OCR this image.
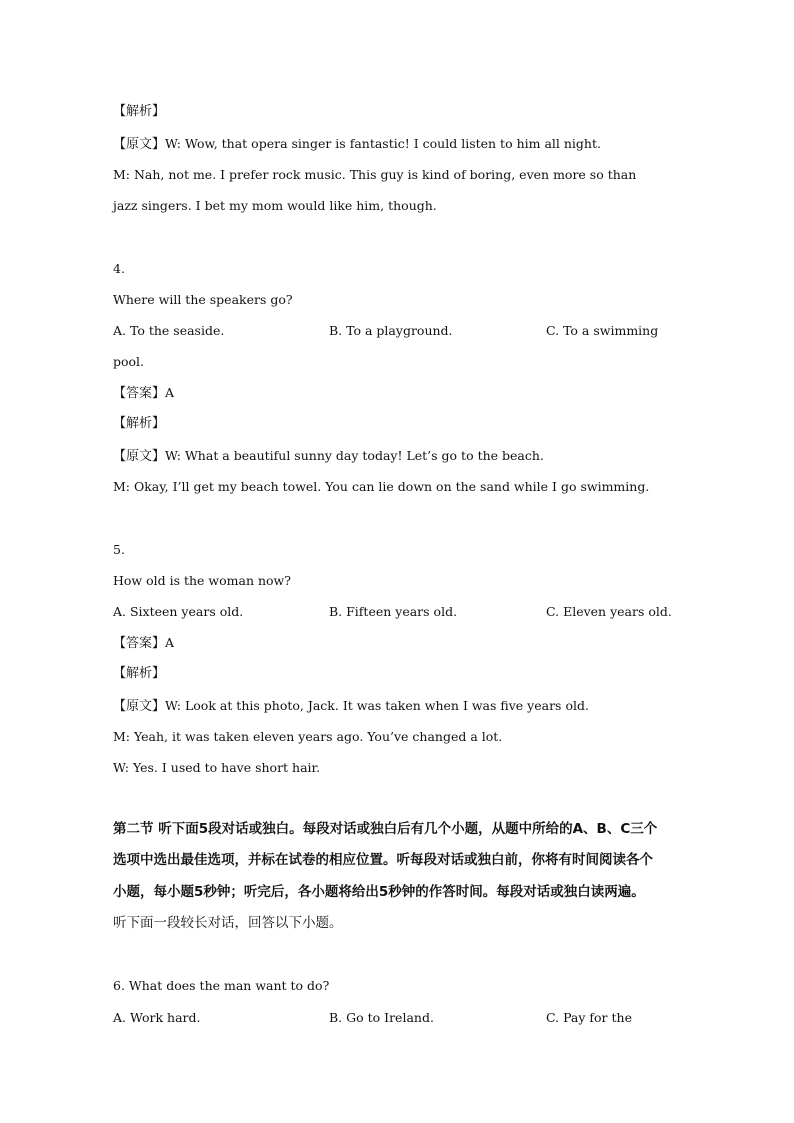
【解析】
【原文】W: Wow, that opera singer is fantastic! I could listen to him all night.
M: Nah, not me. I prefer rock music. This guy is kind of boring, even more so than
jazz singers. I bet my mom would like him, though.
4.
Where will the speakers go?
A. To the seaside.	B. To a playground.	C. To a swimming
pool.
【答案】A
【解析】
【原文】W: What a beautiful sunny day today! Let’s go to the beach.
M: Okay, I’ll get my beach towel. You can lie down on the sand while I go swimming.
5.
How old is the woman now?
A. Sixteen years old.	B. Fifteen years old.	C. Eleven years old.
【答案】A
【解析】
【原文】W: Look at this photo, Jack. It was taken when I was five years old.
M: Yeah, it was taken eleven years ago. You’ve changed a lot.
W: Yes. I used to have short hair.
第二节 听下面5段对话或独白。每段对话或独白后有几个小题，从题中所给的A、B、C三个
选项中选出最佳选项，并标在试卷的相应位置。听每段对话或独白前，你将有时间阅读各个
小题，每小题5秒钟；听完后，各小题将给出5秒钟的作答时间。每段对话或独白读两遍。
听下面一段较长对话，回答以下小题。
6. What does the man want to do?
A. Work hard.	B. Go to Ireland.	C. Pay for the
